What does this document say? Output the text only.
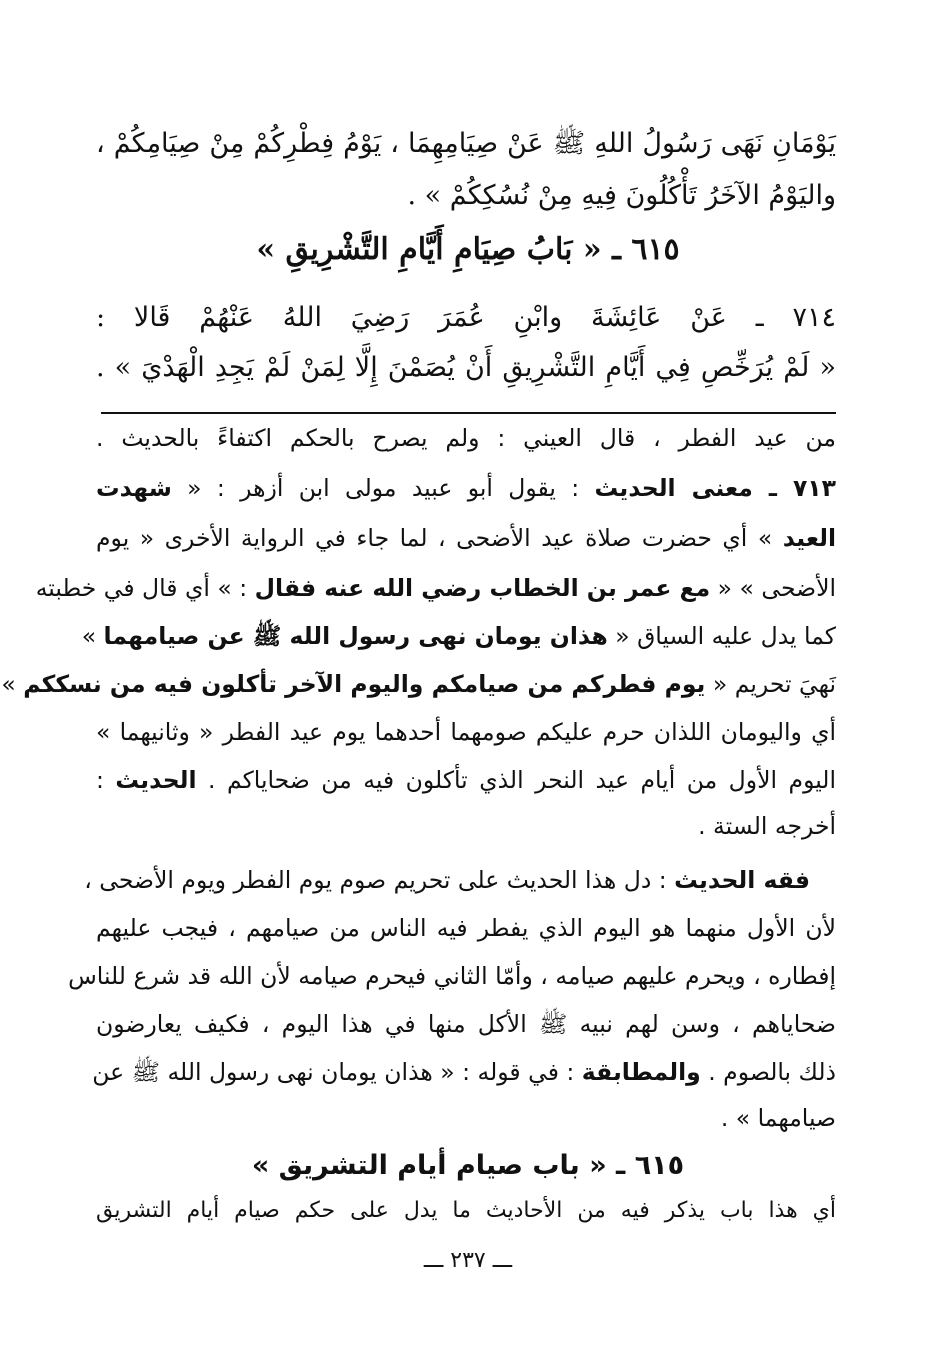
يَوْمَانِ نَهَى رَسُولُ اللهِ ﷺ عَنْ صِيَامِهِمَا ، يَوْمُ فِطْرِكُمْ مِنْ صِيَامِكُمْ ،
واليَوْمُ الآخَرُ تَأْكُلُونَ فِيهِ مِنْ نُسُكِكُمْ » .
٦١٥ ـ « بَابُ صِيَامِ أَيَّامِ التَّشْرِيقِ »
٧١٤ ـ عَنْ عَائِشَةَ وابْنِ عُمَرَ رَضِيَ اللهُ عَنْهُمْ قَالا :
« لَمْ يُرَخِّصِ فِي أَيَّامِ التَّشْرِيقِ أَنْ يُصَمْنَ إِلَّا لِمَنْ لَمْ يَجِدِ الْهَدْيَ » .
من عيد الفطر ، قال العيني : ولم يصرح بالحكم اكتفاءً بالحديث .
٧١٣ ـ معنى الحديث : يقول أبو عبيد مولى ابن أزهر : « شهدت
العيد » أي حضرت صلاة عيد الأضحى ، لما جاء في الرواية الأخرى « يوم
الأضحى » « مع عمر بن الخطاب رضي الله عنه فقال : » أي قال في خطبته
كما يدل عليه السياق « هذان يومان نهى رسول الله ﷺ عن صيامهما »
نَهيَ تحريم « يوم فطركم من صيامكم واليوم الآخر تأكلون فيه من نسككم »
أي واليومان اللذان حرم عليكم صومهما أحدهما يوم عيد الفطر « وثانيهما »
اليوم الأول من أيام عيد النحر الذي تأكلون فيه من ضحاياكم . الحديث :
أخرجه الستة .
فقه الحديث : دل هذا الحديث على تحريم صوم يوم الفطر ويوم الأضحى ،
لأن الأول منهما هو اليوم الذي يفطر فيه الناس من صيامهم ، فيجب عليهم
إفطاره ، ويحرم عليهم صيامه ، وأمّا الثاني فيحرم صيامه لأن الله قد شرع للناس
ضحاياهم ، وسن لهم نبيه ﷺ الأكل منها في هذا اليوم ، فكيف يعارضون
ذلك بالصوم . والمطابقة : في قوله : « هذان يومان نهى رسول الله ﷺ عن
صيامهما » .
٦١٥ ـ « باب صيام أيام التشريق »
أي هذا باب يذكر فيه من الأحاديث ما يدل على حكم صيام أيام التشريق
ـــ ٢٣٧ ـــ
